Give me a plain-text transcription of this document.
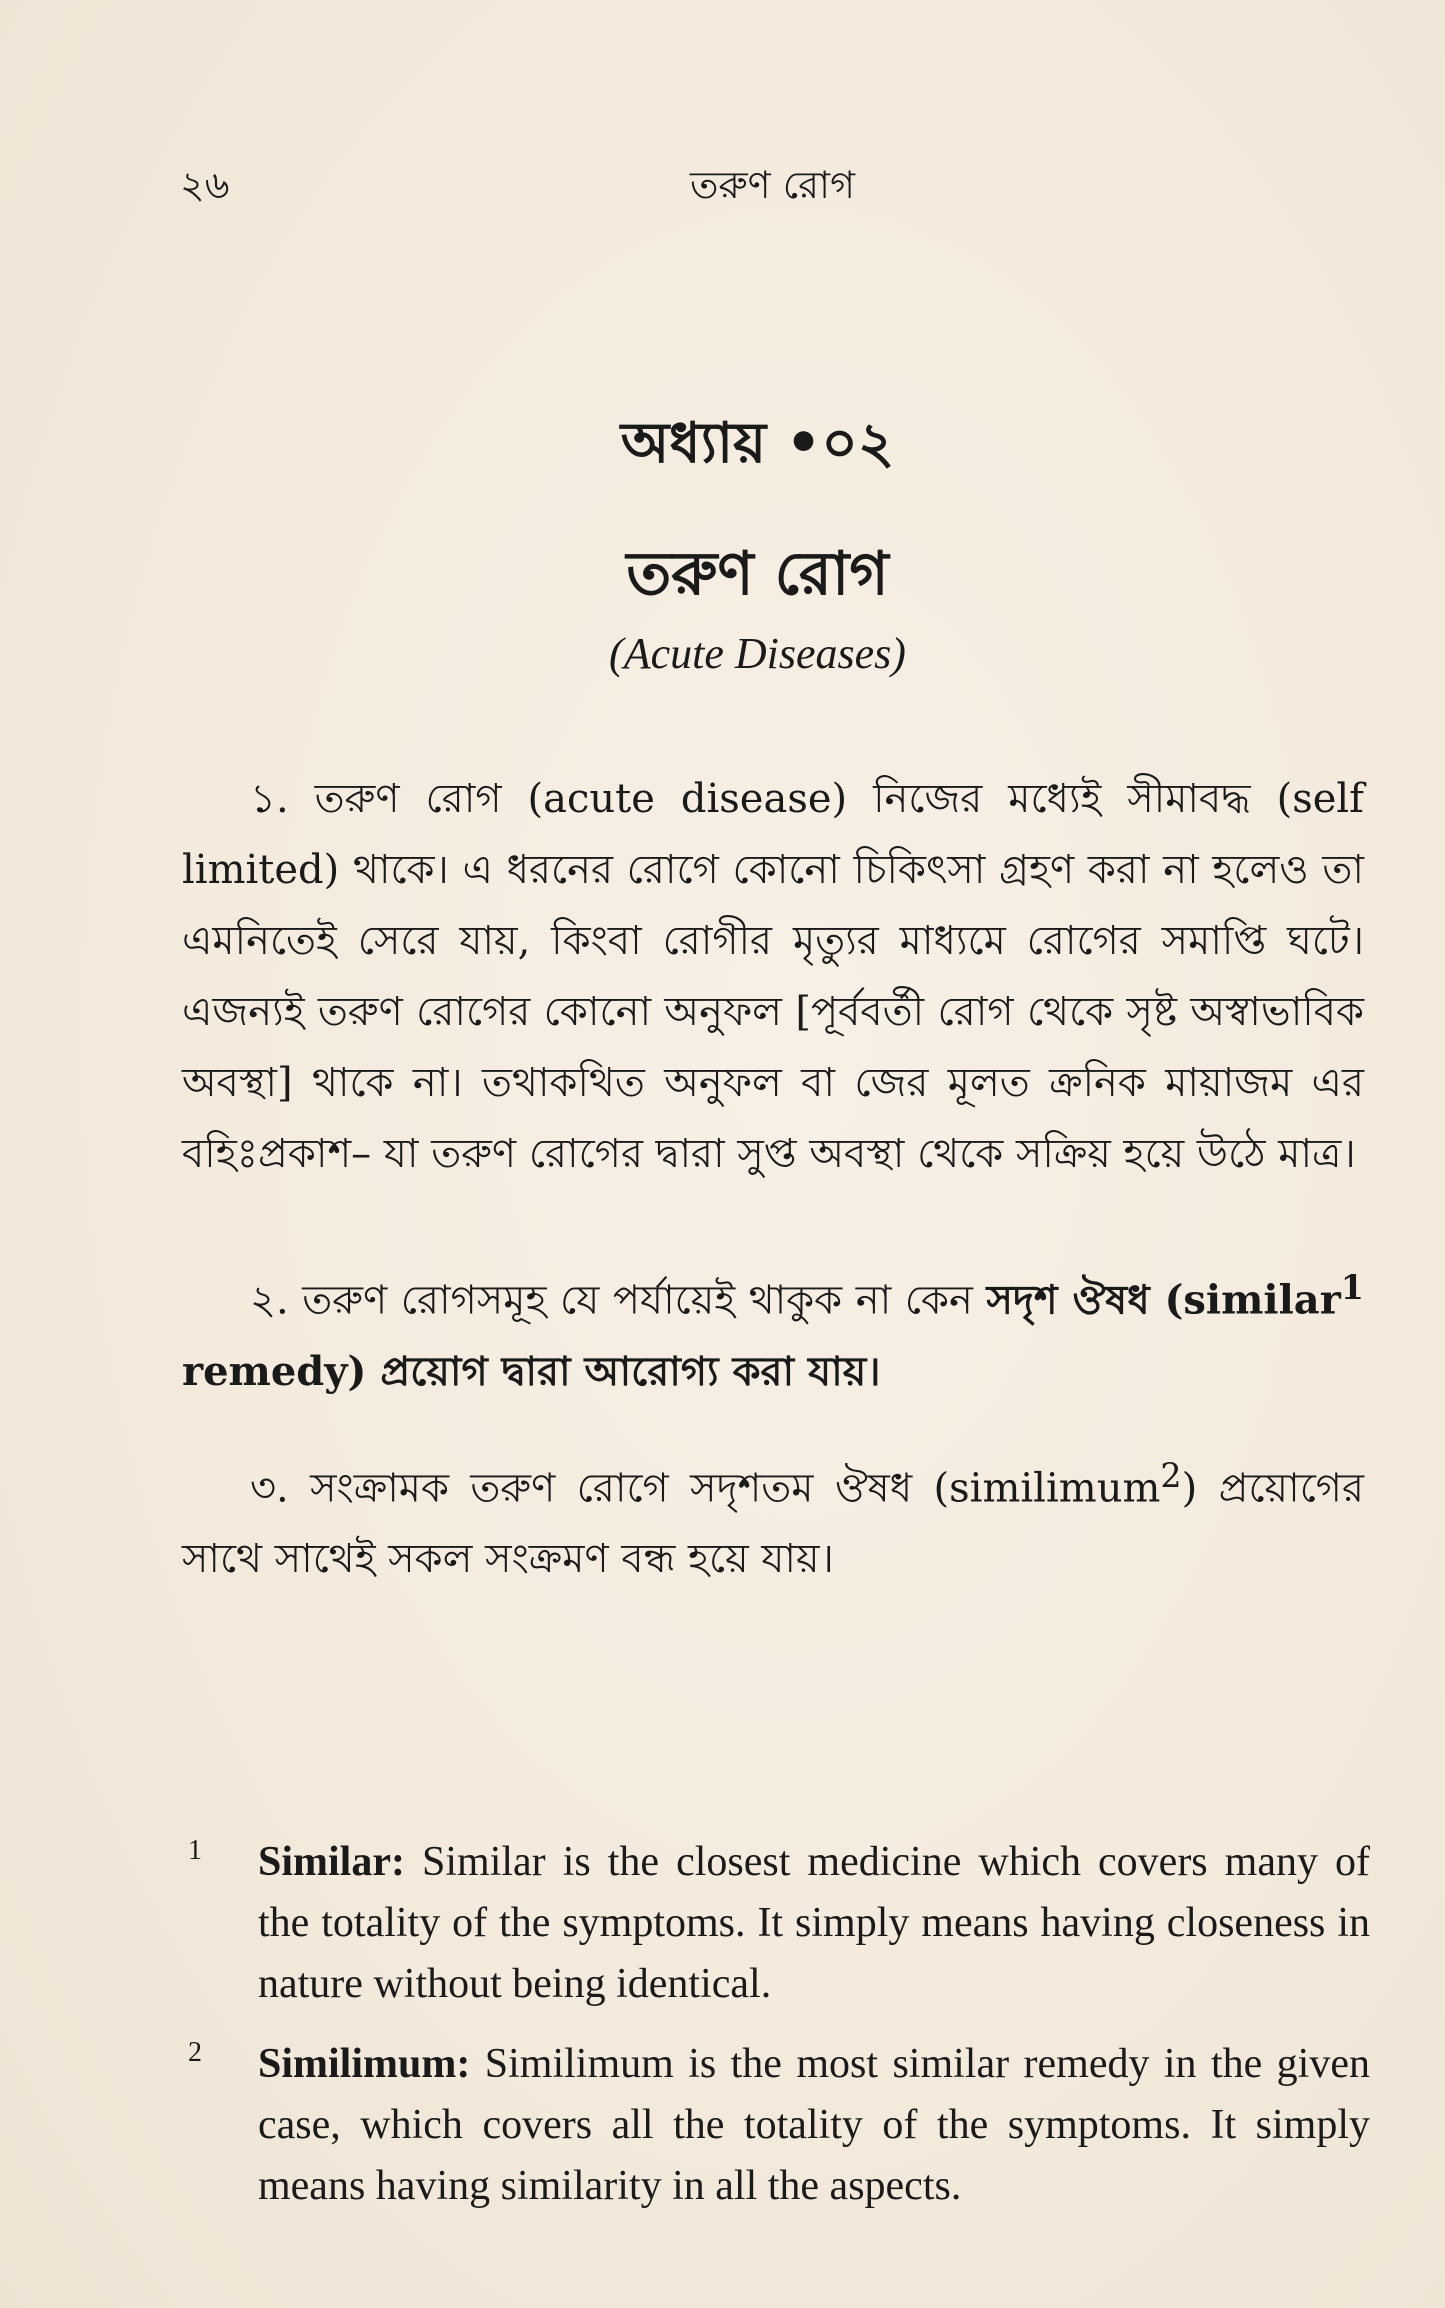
২৬	তরুণ রোগ
অধ্যায় •০২
তরুণ রোগ
(Acute Diseases)

১. তরুণ রোগ (acute disease) নিজের মধ্যেই সীমাবদ্ধ (self limited) থাকে। এ ধরনের রোগে কোনো চিকিৎসা গ্রহণ করা না হলেও তা এমনিতেই সেরে যায়, কিংবা রোগীর মৃত্যুর মাধ্যমে রোগের সমাপ্তি ঘটে। এজন্যই তরুণ রোগের কোনো অনুফল [পূর্ববর্তী রোগ থেকে সৃষ্ট অস্বাভাবিক অবস্থা] থাকে না। তথাকথিত অনুফল বা জের মূলত ক্রনিক মায়াজম এর বহিঃপ্রকাশ– যা তরুণ রোগের দ্বারা সুপ্ত অবস্থা থেকে সক্রিয় হয়ে উঠে মাত্র।

২. তরুণ রোগসমূহ যে পর্যায়েই থাকুক না কেন সদৃশ ঔষধ (similar$^1$ remedy) প্রয়োগ দ্বারা আরোগ্য করা যায়।

৩. সংক্রামক তরুণ রোগে সদৃশতম ঔষধ (similimum$^2$) প্রয়োগের সাথে সাথেই সকল সংক্রমণ বন্ধ হয়ে যায়।

1 Similar: Similar is the closest medicine which covers many of the totality of the symptoms. It simply means having closeness in nature without being identical.
2 Similimum: Similimum is the most similar remedy in the given case, which covers all the totality of the symptoms. It simply means having similarity in all the aspects.
